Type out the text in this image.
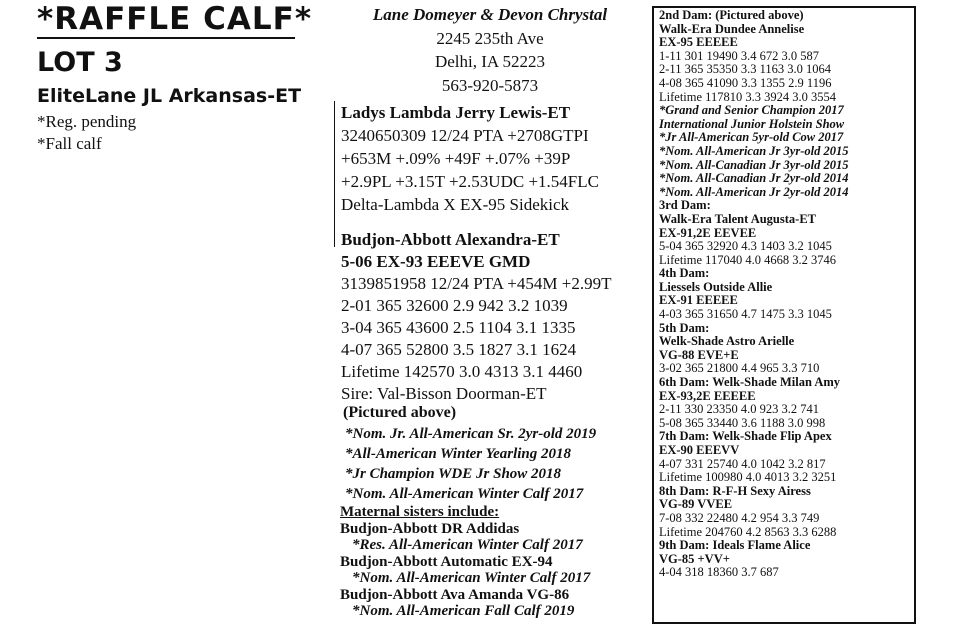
*RAFFLE CALF*
LOT 3
EliteLane JL Arkansas-ET
*Reg. pending
*Fall calf
Lane Domeyer & Devon Chrystal
2245 235th Ave
Delhi, IA 52223
563-920-5873
Ladys Lambda Jerry Lewis-ET
3240650309 12/24 PTA +2708GTPI
+653M +.09% +49F +.07% +39P
+2.9PL +3.15T +2.53UDC +1.54FLC
Delta-Lambda X EX-95 Sidekick
Budjon-Abbott Alexandra-ET
5-06 EX-93 EEEVE GMD
3139851958 12/24 PTA +454M +2.99T
2-01 365 32600 2.9 942 3.2 1039
3-04 365 43600 2.5 1104 3.1 1335
4-07 365 52800 3.5 1827 3.1 1624
Lifetime 142570 3.0 4313 3.1 4460
Sire: Val-Bisson Doorman-ET
(Pictured above)
*Nom. Jr. All-American Sr. 2yr-old 2019
*All-American Winter Yearling 2018
*Jr Champion WDE Jr Show 2018
*Nom. All-American Winter Calf 2017
Maternal sisters include:
Budjon-Abbott DR Addidas
*Res. All-American Winter Calf 2017
Budjon-Abbott Automatic EX-94
*Nom. All-American Winter Calf 2017
Budjon-Abbott Ava Amanda VG-86
*Nom. All-American Fall Calf 2019
2nd Dam: (Pictured above)
Walk-Era Dundee Annelise
EX-95 EEEEE
1-11 301 19490 3.4 672 3.0 587
2-11 365 35350 3.3 1163 3.0 1064
4-08 365 41090 3.3 1355 2.9 1196
Lifetime 117810 3.3 3924 3.0 3554
*Grand and Senior Champion 2017
International Junior Holstein Show
*Jr All-American 5yr-old Cow 2017
*Nom. All-American Jr 3yr-old 2015
*Nom. All-Canadian Jr 3yr-old 2015
*Nom. All-Canadian Jr 2yr-old 2014
*Nom. All-American Jr 2yr-old 2014
3rd Dam:
Walk-Era Talent Augusta-ET
EX-91,2E EEVEE
5-04 365 32920 4.3 1403 3.2 1045
Lifetime 117040 4.0 4668 3.2 3746
4th Dam:
Liessels Outside Allie
EX-91 EEEEE
4-03 365 31650 4.7 1475 3.3 1045
5th Dam:
Welk-Shade Astro Arielle
VG-88 EVE+E
3-02 365 21800 4.4 965 3.3 710
6th Dam: Welk-Shade Milan Amy
EX-93,2E EEEEE
2-11 330 23350 4.0 923 3.2 741
5-08 365 33440 3.6 1188 3.0 998
7th Dam: Welk-Shade Flip Apex
EX-90 EEEVV
4-07 331 25740 4.0 1042 3.2 817
Lifetime 100980 4.0 4013 3.2 3251
8th Dam: R-F-H Sexy Airess
VG-89 VVEE
7-08 332 22480 4.2 954 3.3 749
Lifetime 204760 4.2 8563 3.3 6288
9th Dam: Ideals Flame Alice
VG-85 +VV+
4-04 318 18360 3.7 687
